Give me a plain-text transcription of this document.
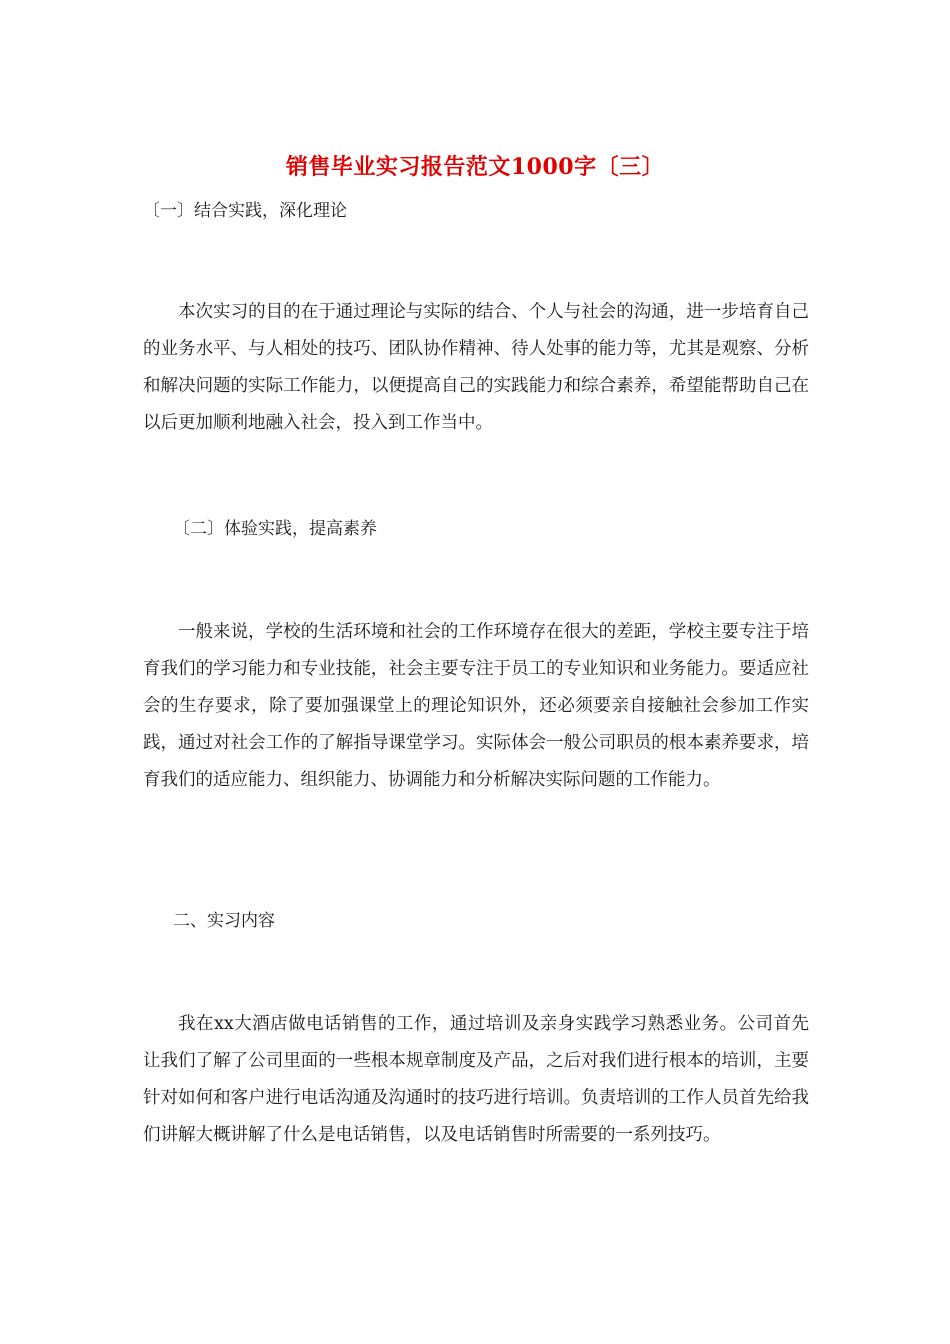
销售毕业实习报告范文1000字〔三〕

〔一〕结合实践，深化理论

本次实习的目的在于通过理论与实际的结合、个人与社会的沟通，进一步培育自己的业务水平、与人相处的技巧、团队协作精神、待人处事的能力等，尤其是观察、分析和解决问题的实际工作能力，以便提高自己的实践能力和综合素养，希望能帮助自己在以后更加顺利地融入社会，投入到工作当中。

〔二〕体验实践，提高素养

一般来说，学校的生活环境和社会的工作环境存在很大的差距，学校主要专注于培育我们的学习能力和专业技能，社会主要专注于员工的专业知识和业务能力。要适应社会的生存要求，除了要加强课堂上的理论知识外，还必须要亲自接触社会参加工作实践，通过对社会工作的了解指导课堂学习。实际体会一般公司职员的根本素养要求，培育我们的适应能力、组织能力、协调能力和分析解决实际问题的工作能力。

二、实习内容

我在xx大酒店做电话销售的工作，通过培训及亲身实践学习熟悉业务。公司首先让我们了解了公司里面的一些根本规章制度及产品，之后对我们进行根本的培训，主要针对如何和客户进行电话沟通及沟通时的技巧进行培训。负责培训的工作人员首先给我们讲解大概讲解了什么是电话销售，以及电话销售时所需要的一系列技巧。
